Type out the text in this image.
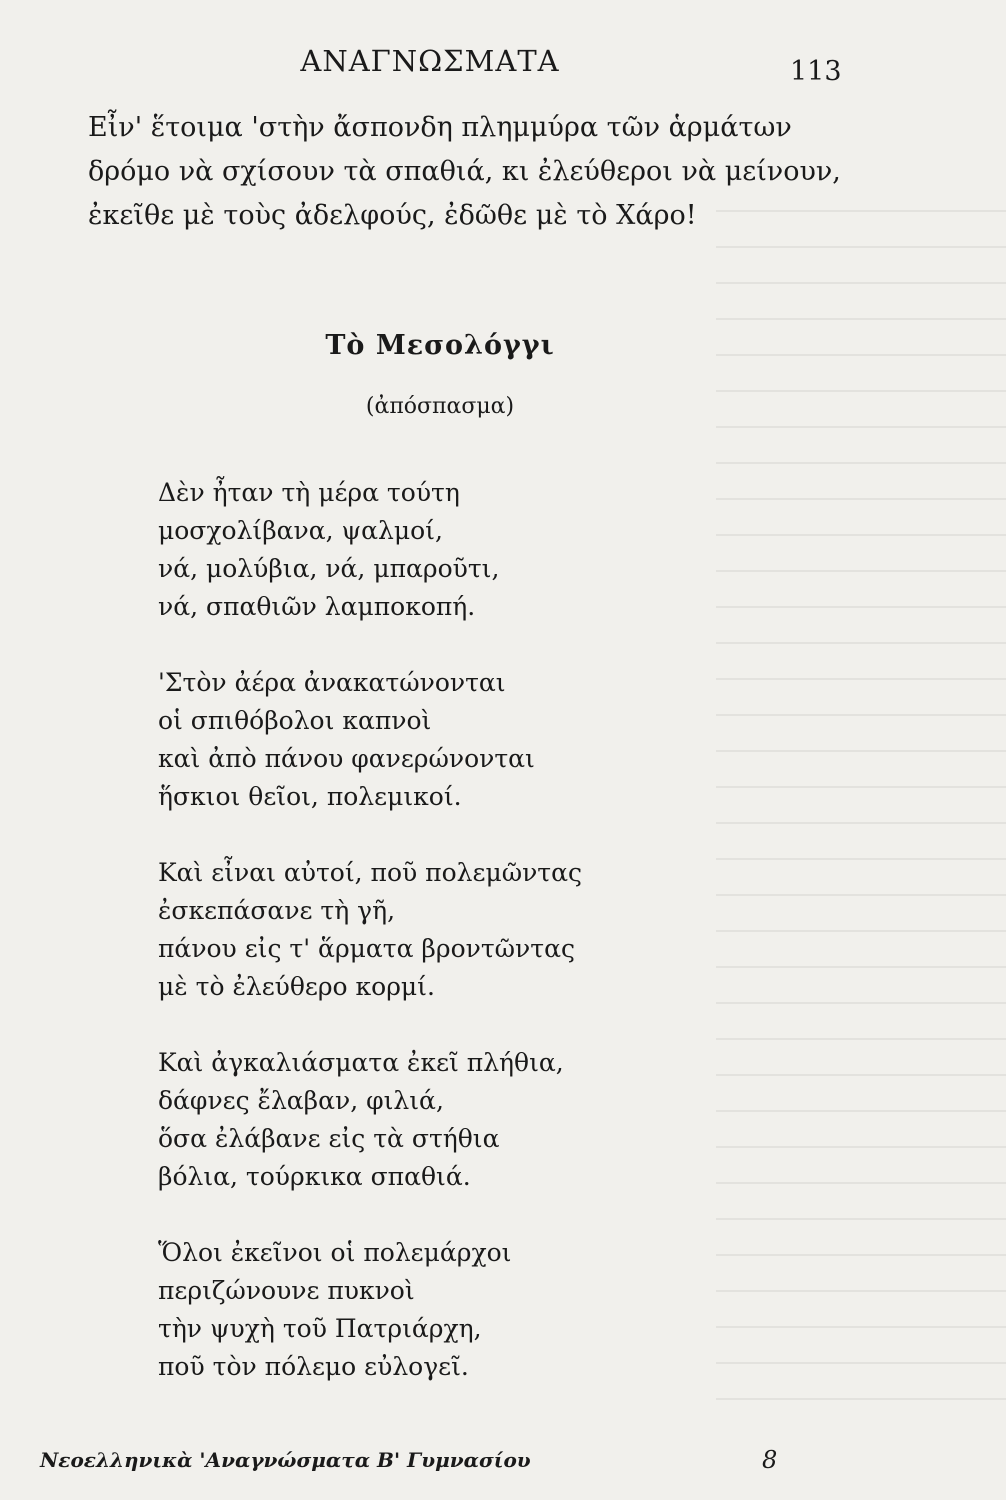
ΑΝΑΓΝΩΣΜΑΤΑ	113
Εἶν' ἕτοιμα 'στὴν ἄσπονδη πλημμύρα τῶν ἁρμάτων
δρόμο νὰ σχίσουν τὰ σπαθιά, κι ἐλεύθεροι νὰ μείνουν,
ἐκεῖθε μὲ τοὺς ἀδελφούς, ἐδῶθε μὲ τὸ Χάρο!
Τὸ Μεσολόγγι
(ἀπόσπασμα)
Δὲν ἦταν τὴ μέρα τούτη
μοσχολίβανα, ψαλμοί,
νά, μολύβια, νά, μπαροῦτι,
νά, σπαθιῶν λαμποκοπή.
'Στὸν ἀέρα ἀνακατώνονται
οἱ σπιθόβολοι καπνοὶ
καὶ ἀπὸ πάνου φανερώνονται
ἥσκιοι θεῖοι, πολεμικοί.
Καὶ εἶναι αὐτοί, ποῦ πολεμῶντας
ἐσκεπάσανε τὴ γῆ,
πάνου εἰς τ' ἅρματα βροντῶντας
μὲ τὸ ἐλεύθερο κορμί.
Καὶ ἀγκαλιάσματα ἐκεῖ πλήθια,
δάφνες ἔλαβαν, φιλιά,
ὅσα ἐλάβανε εἰς τὰ στήθια
βόλια, τούρκικα σπαθιά.
Ὅλοι ἐκεῖνοι οἱ πολεμάρχοι
περιζώνουνε πυκνοὶ
τὴν ψυχὴ τοῦ Πατριάρχη,
ποῦ τὸν πόλεμο εὐλογεῖ.
Νεοελληνικὰ 'Αναγνώσματα Β' Γυμνασίου	8
